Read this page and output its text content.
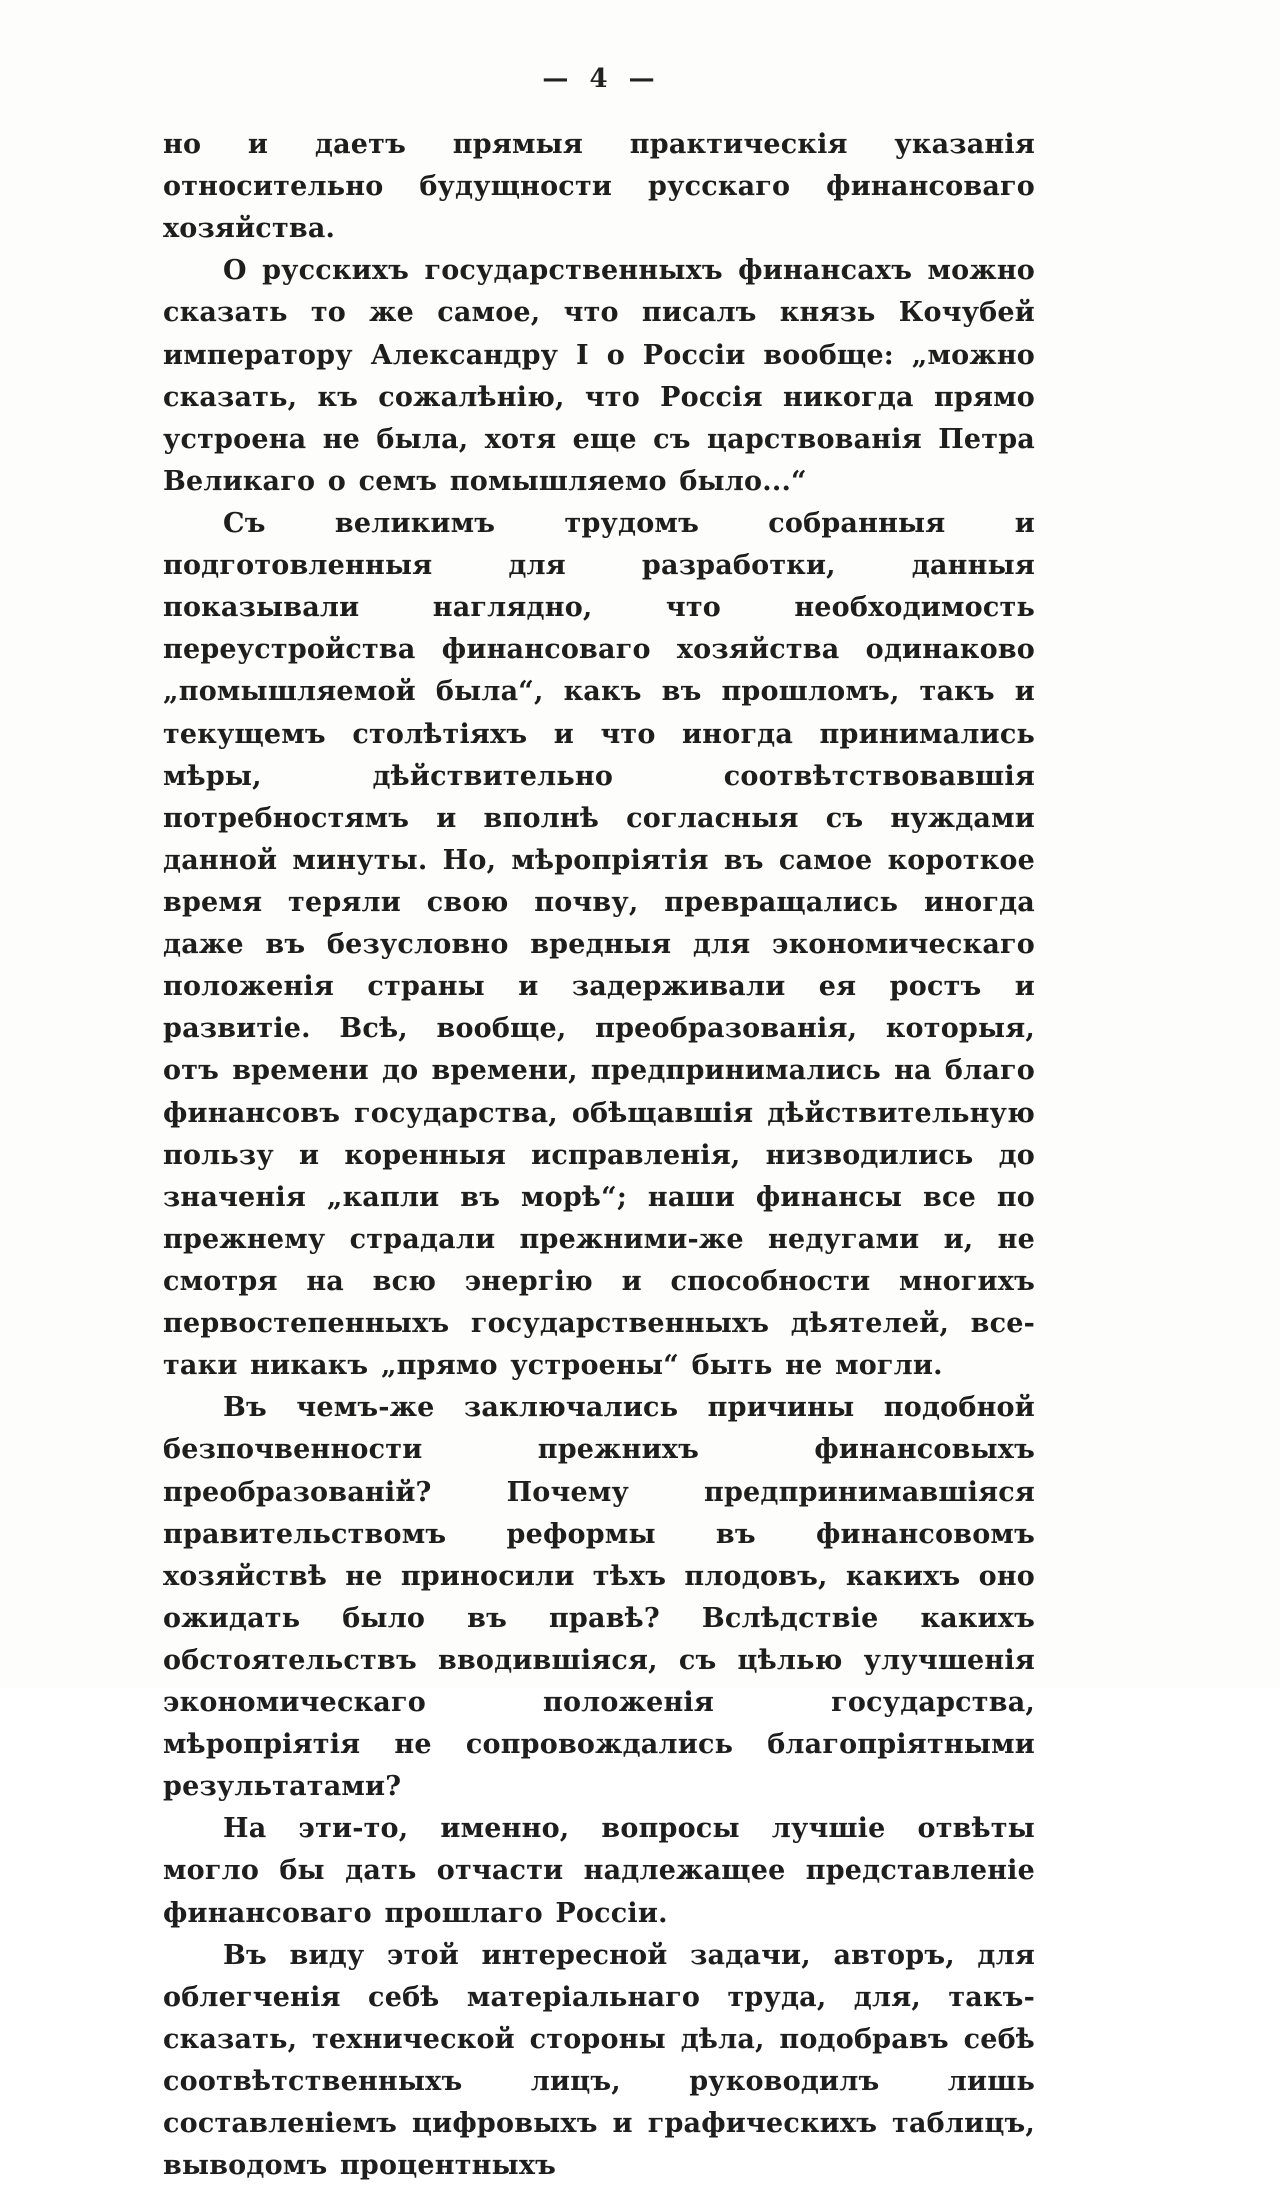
— 4 —

но и даетъ прямыя практическія указанія относительно будущности русскаго финансоваго хозяйства.

О русскихъ государственныхъ финансахъ можно сказать то же самое, что писалъ князь Кочубей императору Александру I о Россіи вообще: „можно сказать, къ сожалѣнію, что Россія никогда прямо устроена не была, хотя еще съ царствованія Петра Великаго о семъ помышляемо было...“

Съ великимъ трудомъ собранныя и подготовленныя для разработки, данныя показывали наглядно, что необходимость переустройства финансоваго хозяйства одинаково „помышляемой была“, какъ въ прошломъ, такъ и текущемъ столѣтіяхъ и что иногда принимались мѣры, дѣйствительно соотвѣтствовавшія потребностямъ и вполнѣ согласныя съ нуждами данной минуты. Но, мѣропріятія въ самое короткое время теряли свою почву, превращались иногда даже въ безусловно вредныя для экономическаго положенія страны и задерживали ея ростъ и развитіе. Всѣ, вообще, преобразованія, которыя, отъ времени до времени, предпринимались на благо финансовъ государства, обѣщавшія дѣйствительную пользу и коренныя исправленія, низводились до значенія „капли въ морѣ“; наши финансы все по прежнему страдали прежними-же недугами и, не смотря на всю энергію и способности многихъ первостепенныхъ государственныхъ дѣятелей, все-таки никакъ „прямо устроены“ быть не могли.

Въ чемъ-же заключались причины подобной безпочвенности прежнихъ финансовыхъ преобразованій? Почему предпринимавшіяся правительствомъ реформы въ финансовомъ хозяйствѣ не приносили тѣхъ плодовъ, какихъ оно ожидать было въ правѣ? Вслѣдствіе какихъ обстоятельствъ вводившіяся, съ цѣлью улучшенія экономическаго положенія государства, мѣропріятія не сопровождались благопріятными результатами?

На эти-то, именно, вопросы лучшіе отвѣты могло бы дать отчасти надлежащее представленіе финансоваго прошлаго Россіи.

Въ виду этой интересной задачи, авторъ, для облегченія себѣ матеріальнаго труда, для, такъ-сказать, технической стороны дѣла, подобравъ себѣ соотвѣтственныхъ лицъ, руководилъ лишь составленіемъ цифровыхъ и графическихъ таблицъ, выводомъ процентныхъ
